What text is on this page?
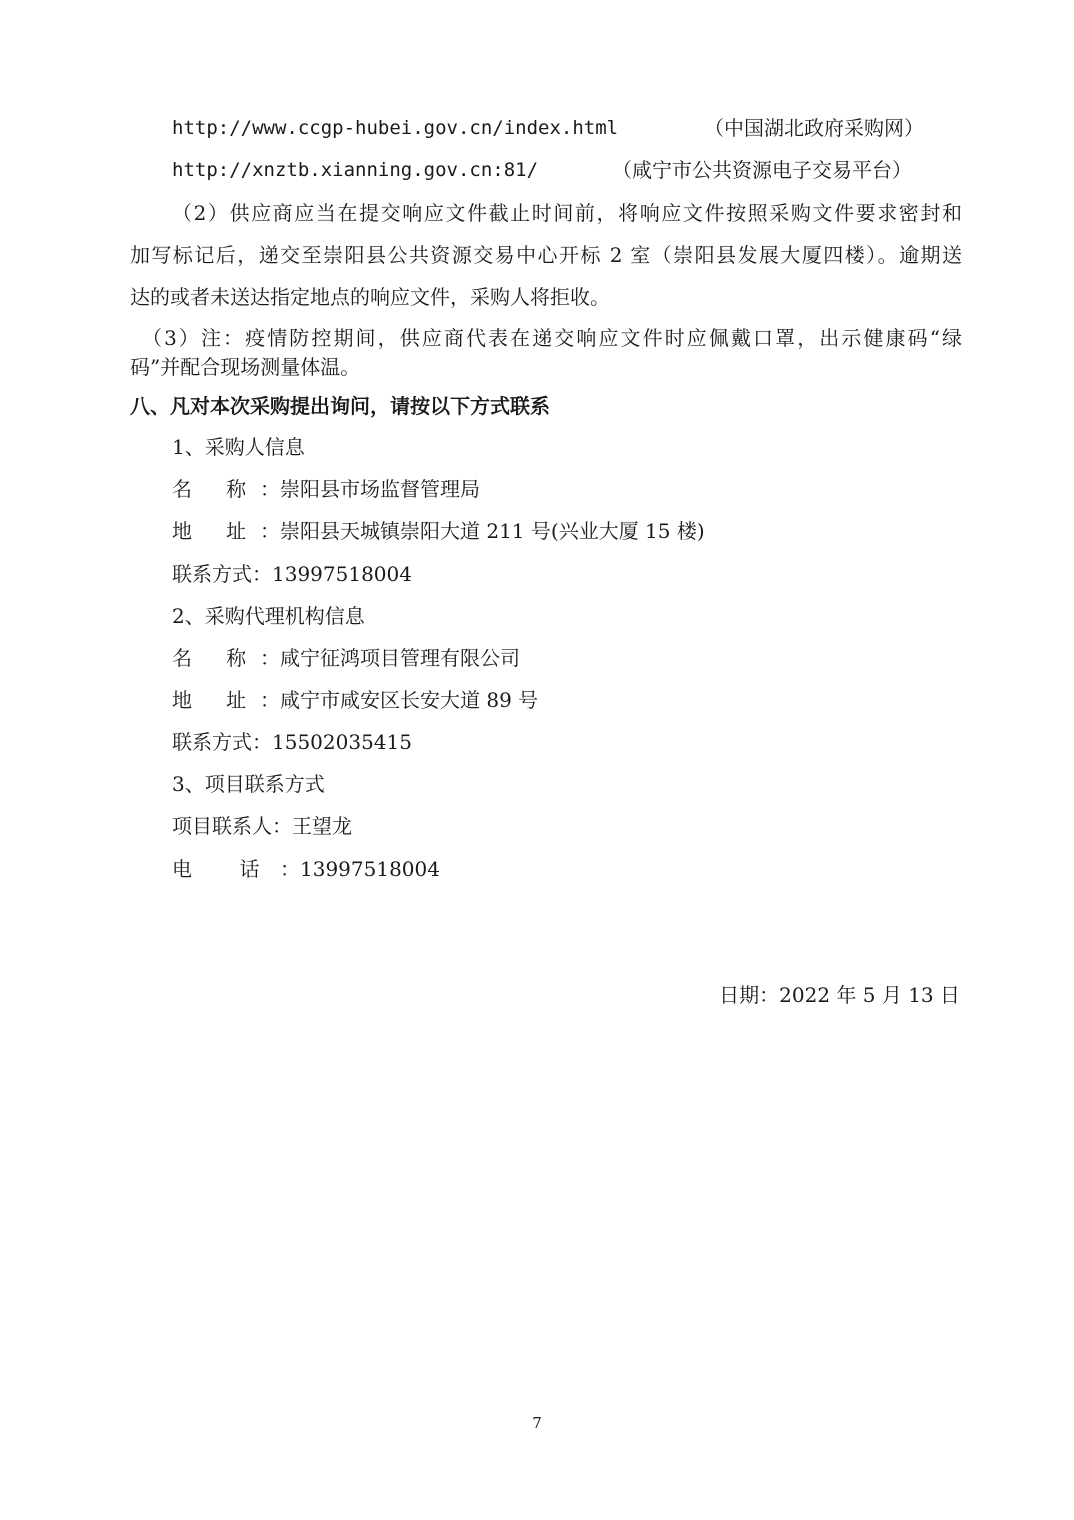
http://www.ccgp-hubei.gov.cn/index.html	（中国湖北政府采购网）
http://xnztb.xianning.gov.cn:81/	（咸宁市公共资源电子交易平台）
（2）供应商应当在提交响应文件截止时间前，将响应文件按照采购文件要求密封和
加写标记后，递交至崇阳县公共资源交易中心开标 2 室（崇阳县发展大厦四楼）。逾期送
达的或者未送达指定地点的响应文件，采购人将拒收。
（3）注：疫情防控期间，供应商代表在递交响应文件时应佩戴口罩，出示健康码“绿
码”并配合现场测量体温。
八、凡对本次采购提出询问，请按以下方式联系
1、采购人信息
名 称：崇阳县市场监督管理局
地 址：崇阳县天城镇崇阳大道 211 号(兴业大厦 15 楼)
联系方式：13997518004
2、采购代理机构信息
名 称：咸宁征鸿项目管理有限公司
地 址：咸宁市咸安区长安大道 89 号
联系方式：15502035415
3、项目联系方式
项目联系人：王望龙
电 话：13997518004
日期：2022 年 5 月 13 日
7
